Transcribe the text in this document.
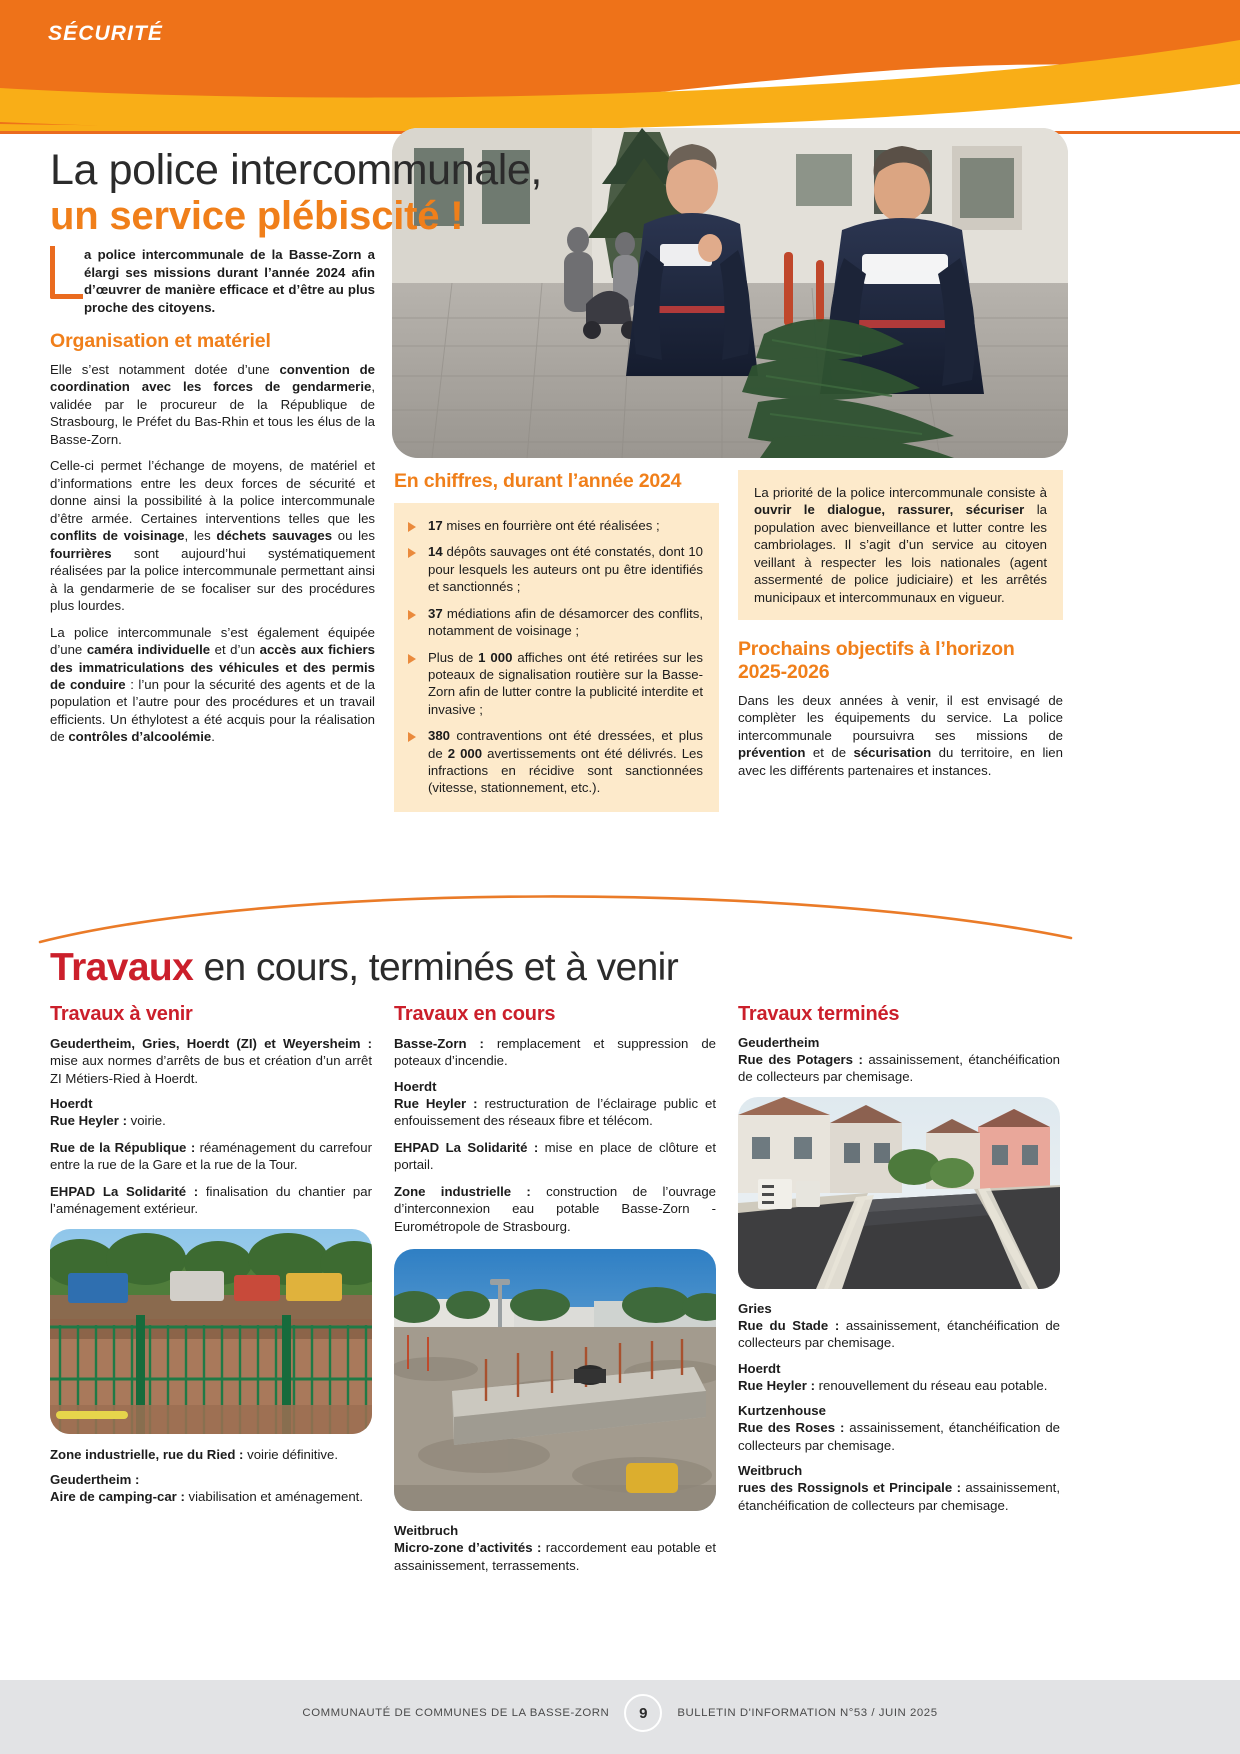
SÉCURITÉ
La police intercommunale,
un service plébiscité !

a police intercommunale de la Basse-Zorn a élargi ses missions durant l’année 2024 afin d’œuvrer de manière efficace et d’être au plus proche des citoyens.

Organisation et matériel

Elle s’est notamment dotée d’une convention de coordination avec les forces de gendarmerie, validée par le procureur de la République de Strasbourg, le Préfet du Bas-Rhin et tous les élus de la Basse-Zorn.

Celle-ci permet l’échange de moyens, de matériel et d’informations entre les deux forces de sécurité et donne ainsi la possibilité à la police intercommunale d’être armée. Certaines interventions telles que les conflits de voisinage, les déchets sauvages ou les fourrières sont aujourd’hui systématiquement réalisées par la police intercommunale permettant ainsi à la gendarmerie de se focaliser sur des procédures plus lourdes.

La police intercommunale s’est également équipée d’une caméra individuelle et d’un accès aux fichiers des immatriculations des véhicules et des permis de conduire : l’un pour la sécurité des agents et de la population et l’autre pour des procédures et un travail efficients. Un éthylotest a été acquis pour la réalisation de contrôles d’alcoolémie.

En chiffres, durant l’année 2024
17 mises en fourrière ont été réalisées ;
14 dépôts sauvages ont été constatés, dont 10 pour lesquels les auteurs ont pu être identifiés et sanctionnés ;
37 médiations afin de désamorcer des conflits, notamment de voisinage ;
Plus de 1 000 affiches ont été retirées sur les poteaux de signalisation routière sur la Basse-Zorn afin de lutter contre la publicité interdite et invasive ;
380 contraventions ont été dressées, et plus de 2 000 avertissements ont été délivrés. Les infractions en récidive sont sanctionnées (vitesse, stationnement, etc.).

La priorité de la police intercommunale consiste à ouvrir le dialogue, rassurer, sécuriser la population avec bienveillance et lutter contre les cambriolages. Il s’agit d’un service au citoyen veillant à respecter les lois nationales (agent assermenté de police judiciaire) et les arrêtés municipaux et intercommunaux en vigueur.

Prochains objectifs à l’horizon 2025-2026

Dans les deux années à venir, il est envisagé de complèter les équipements du service. La police intercommunale poursuivra ses missions de prévention et de sécurisation du territoire, en lien avec les différents partenaires et instances.

Travaux en cours, terminés et à venir
Travaux à venir

Geudertheim, Gries, Hoerdt (ZI) et Weyersheim : mise aux normes d’arrêts de bus et création d’un arrêt ZI Métiers-Ried à Hoerdt.

Hoerdt

Rue Heyler : voirie.

Rue de la République : réaménagement du carrefour entre la rue de la Gare et la rue de la Tour.

EHPAD La Solidarité : finalisation du chantier par l’aménagement extérieur.

Zone industrielle, rue du Ried : voirie définitive.

Geudertheim :

Aire de camping-car : viabilisation et aménagement.

Travaux en cours

Basse-Zorn : remplacement et suppression de poteaux d’incendie.

Hoerdt

Rue Heyler : restructuration de l’éclairage public et enfouissement des réseaux fibre et télécom.

EHPAD La Solidarité : mise en place de clôture et portail.

Zone industrielle : construction de l’ouvrage d’interconnexion eau potable Basse-Zorn - Eurométropole de Strasbourg.

Weitbruch

Micro-zone d’activités : raccordement eau potable et assainissement, terrassements.

Travaux terminés
Geudertheim

Rue des Potagers : assainissement, étanchéification de collecteurs par chemisage.

Gries

Rue du Stade : assainissement, étanchéification de collecteurs par chemisage.

Hoerdt

Rue Heyler : renouvellement du réseau eau potable.

Kurtzenhouse

Rue des Roses : assainissement, étanchéification de collecteurs par chemisage.

Weitbruch

rues des Rossignols et Principale : assainissement, étanchéification de collecteurs par chemisage.

COMMUNAUTÉ DE COMMUNES DE LA BASSE-ZORN	9	BULLETIN D'INFORMATION N°53 / JUIN 2025
